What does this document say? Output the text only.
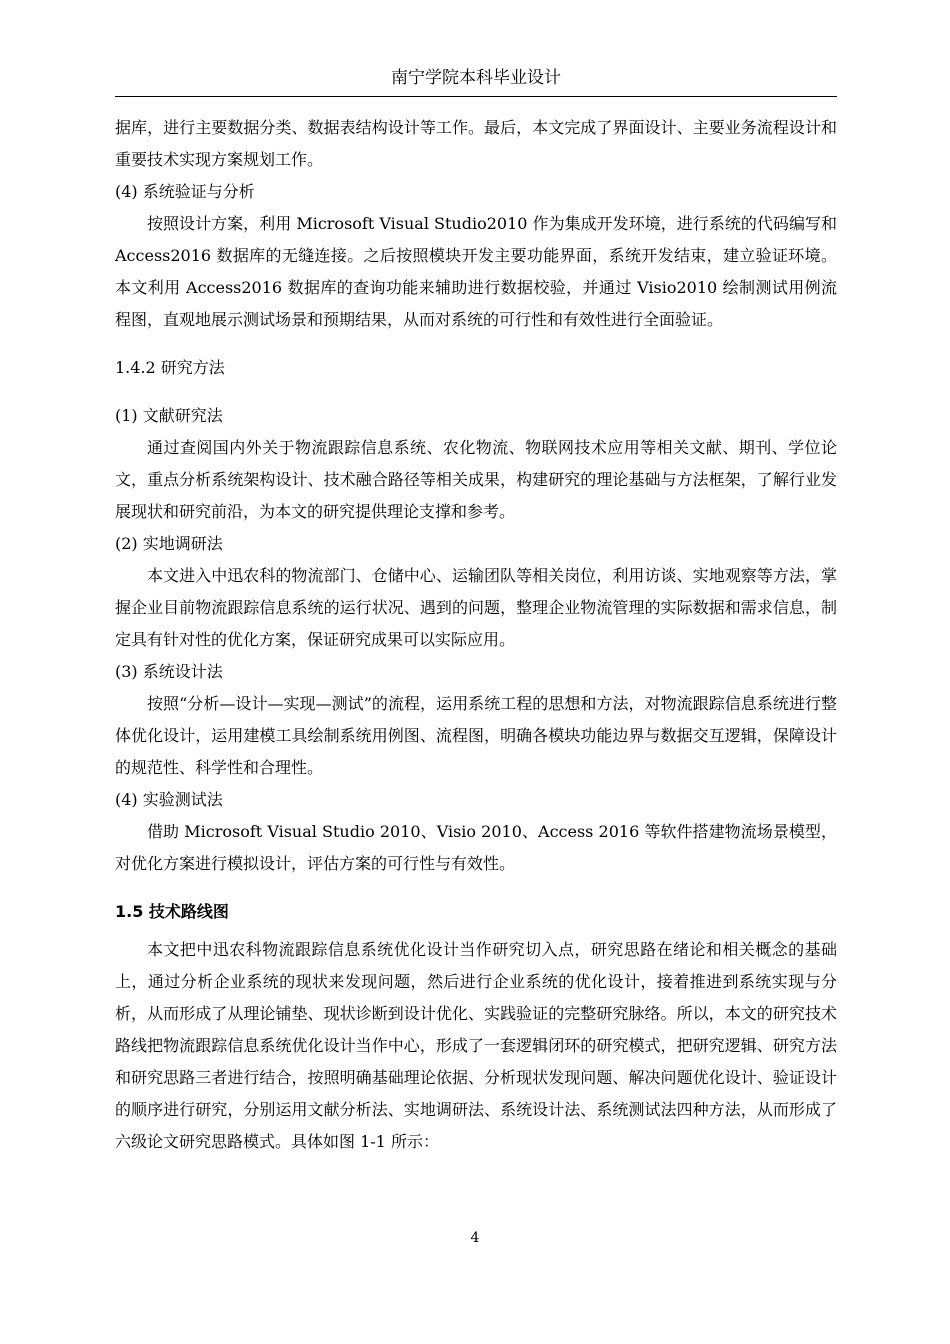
南宁学院本科毕业设计

据库，进行主要数据分类、数据表结构设计等工作。最后，本文完成了界面设计、主要业务流程设计和重要技术实现方案规划工作。

(4) 系统验证与分析

按照设计方案，利用 Microsoft Visual Studio2010 作为集成开发环境，进行系统的代码编写和 Access2016 数据库的无缝连接。之后按照模块开发主要功能界面，系统开发结束，建立验证环境。本文利用 Access2016 数据库的查询功能来辅助进行数据校验，并通过 Visio2010 绘制测试用例流程图，直观地展示测试场景和预期结果，从而对系统的可行性和有效性进行全面验证。

1.4.2 研究方法

(1) 文献研究法

通过查阅国内外关于物流跟踪信息系统、农化物流、物联网技术应用等相关文献、期刊、学位论文，重点分析系统架构设计、技术融合路径等相关成果，构建研究的理论基础与方法框架，了解行业发展现状和研究前沿，为本文的研究提供理论支撑和参考。

(2) 实地调研法

本文进入中迅农科的物流部门、仓储中心、运输团队等相关岗位，利用访谈、实地观察等方法，掌握企业目前物流跟踪信息系统的运行状况、遇到的问题，整理企业物流管理的实际数据和需求信息，制定具有针对性的优化方案，保证研究成果可以实际应用。

(3) 系统设计法

按照“分析—设计—实现—测试”的流程，运用系统工程的思想和方法，对物流跟踪信息系统进行整体优化设计，运用建模工具绘制系统用例图、流程图，明确各模块功能边界与数据交互逻辑，保障设计的规范性、科学性和合理性。

(4) 实验测试法

借助 Microsoft Visual Studio 2010、Visio 2010、Access 2016 等软件搭建物流场景模型，对优化方案进行模拟设计，评估方案的可行性与有效性。

1.5 技术路线图

本文把中迅农科物流跟踪信息系统优化设计当作研究切入点，研究思路在绪论和相关概念的基础上，通过分析企业系统的现状来发现问题，然后进行企业系统的优化设计，接着推进到系统实现与分析，从而形成了从理论铺垫、现状诊断到设计优化、实践验证的完整研究脉络。所以，本文的研究技术路线把物流跟踪信息系统优化设计当作中心，形成了一套逻辑闭环的研究模式，把研究逻辑、研究方法和研究思路三者进行结合，按照明确基础理论依据、分析现状发现问题、解决问题优化设计、验证设计的顺序进行研究，分别运用文献分析法、实地调研法、系统设计法、系统测试法四种方法，从而形成了六级论文研究思路模式。具体如图 1-1 所示：

4
